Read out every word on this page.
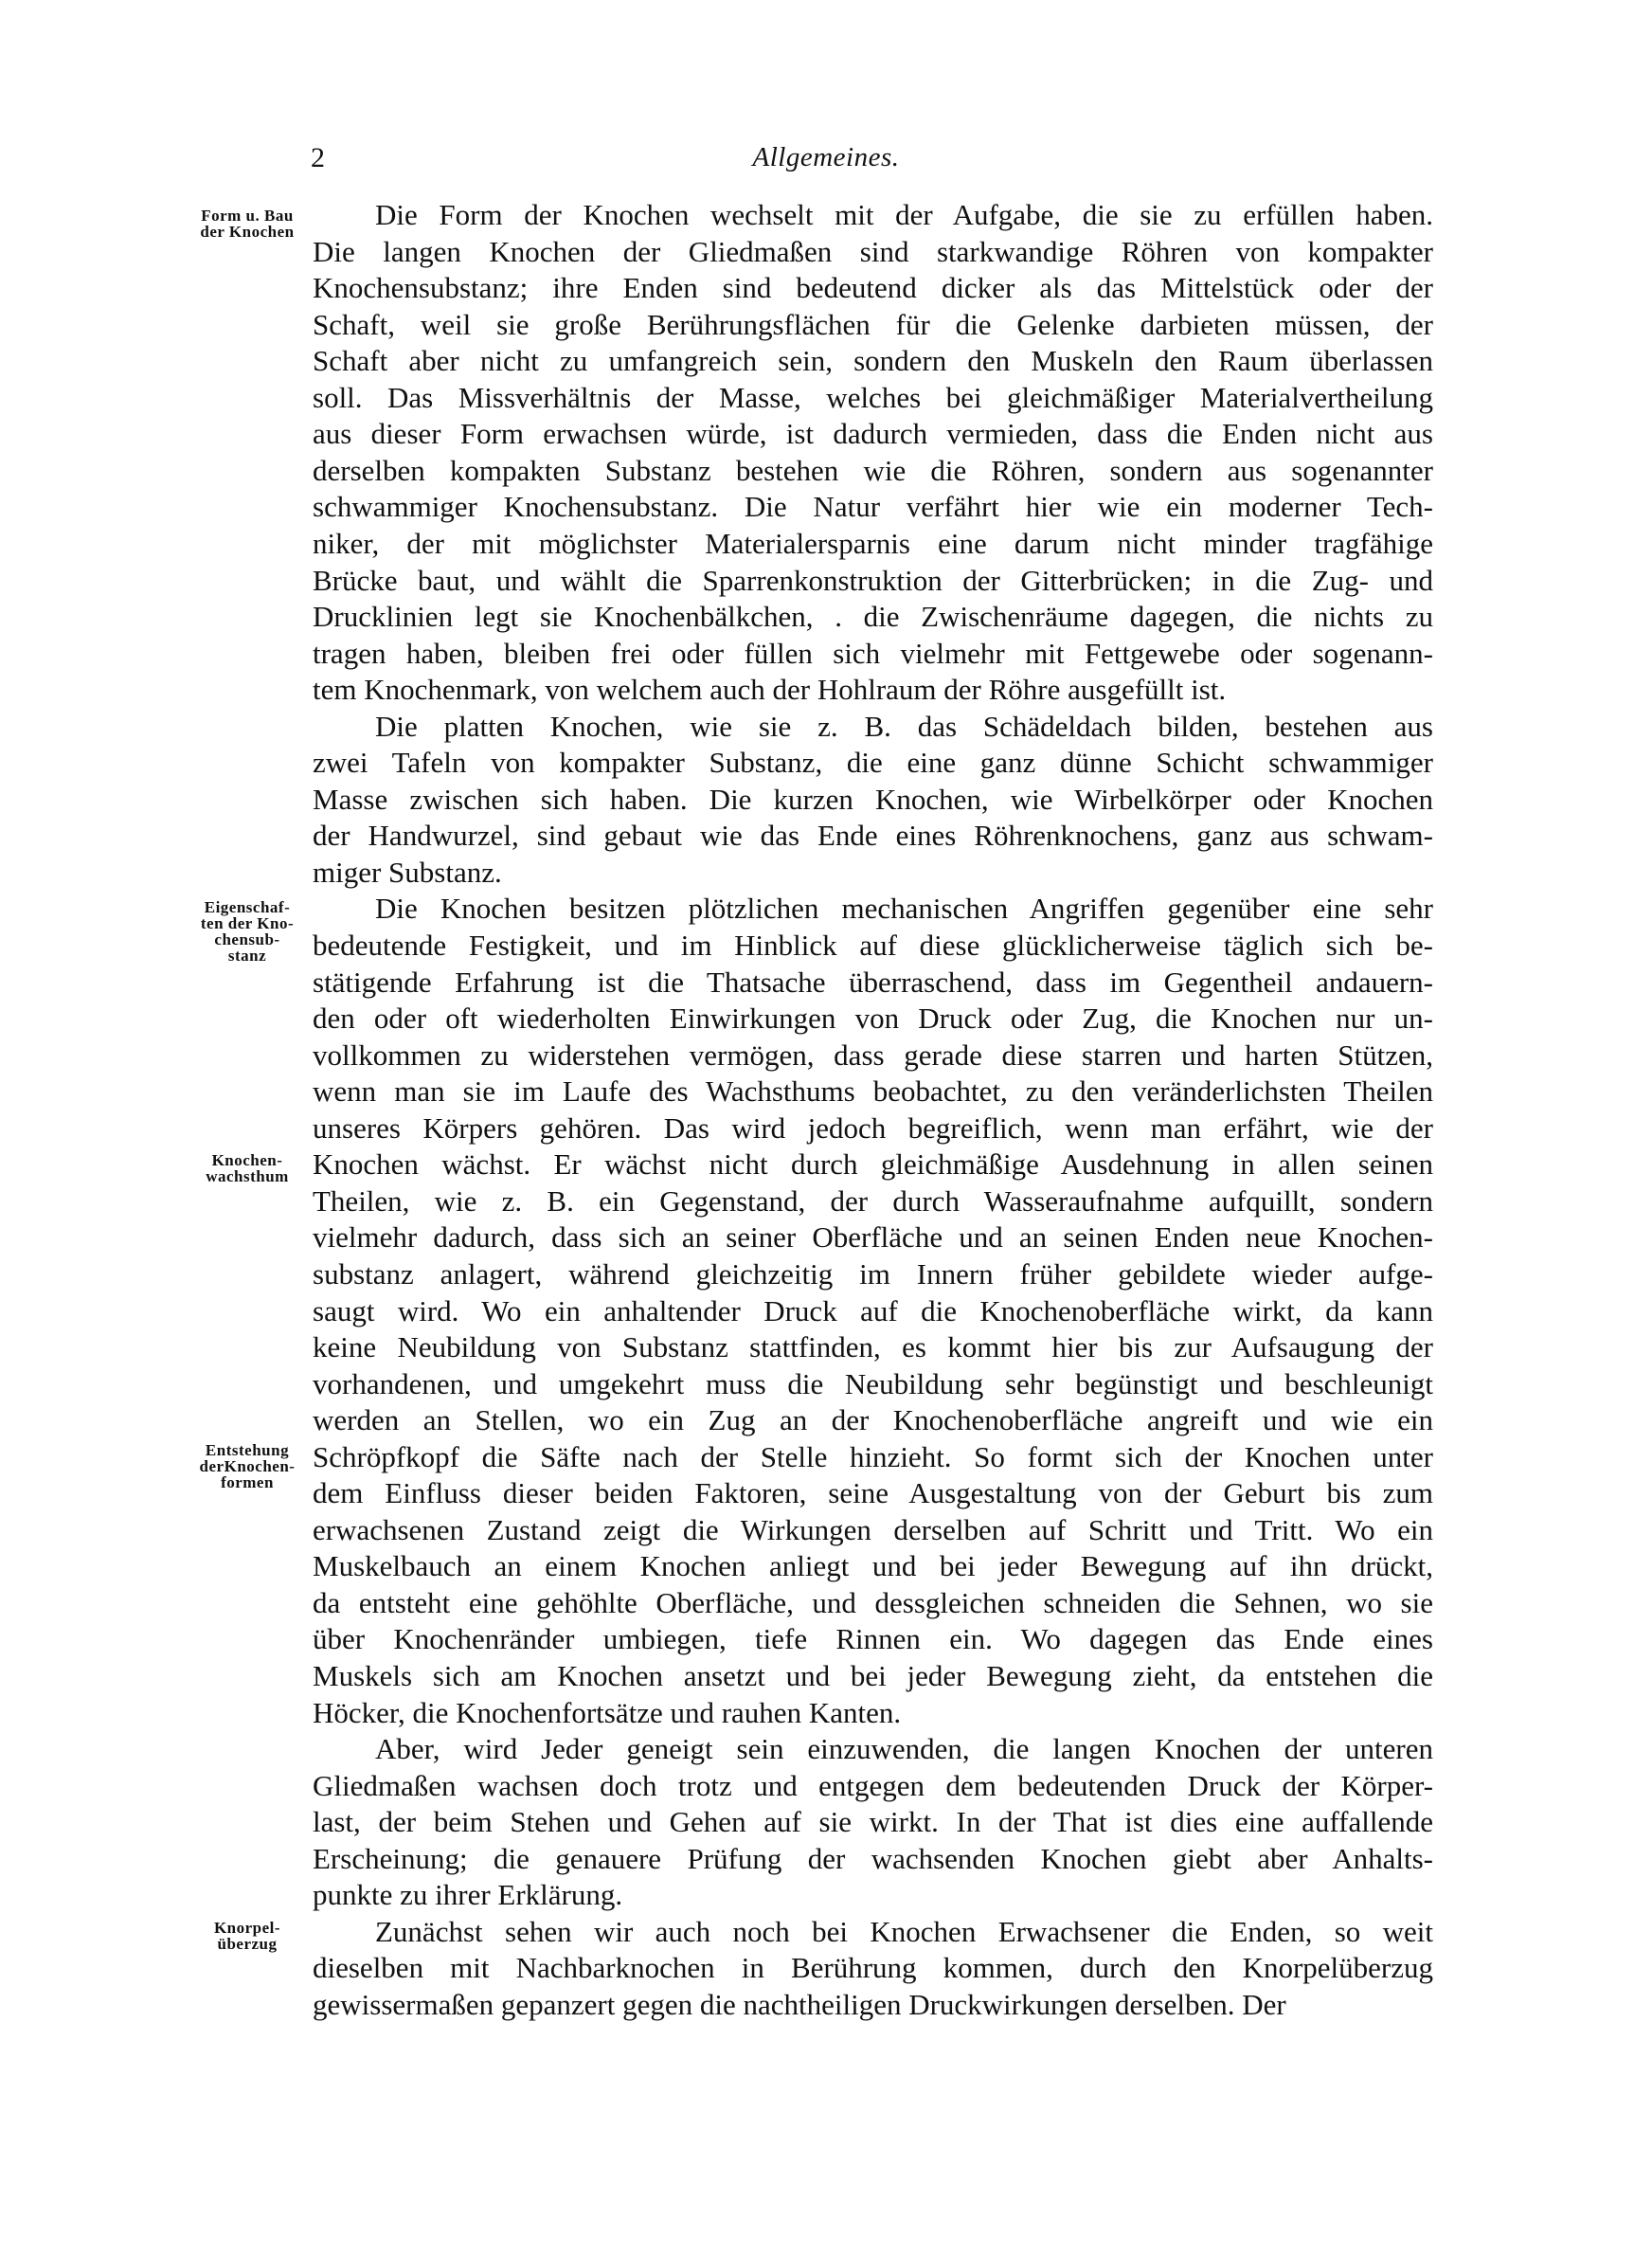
2	Allgemeines.
Form u. Bau
der Knochen
Eigenschaf-
ten der Kno-
chensub-
stanz
Knochen-
wachsthum
Entstehung
derKnochen-
formen
Knorpel-
überzug
Die Form der Knochen wechselt mit der Aufgabe, die sie zu erfüllen haben.
Die langen Knochen der Gliedmaßen sind starkwandige Röhren von kompakter
Knochensubstanz; ihre Enden sind bedeutend dicker als das Mittelstück oder der
Schaft, weil sie große Berührungsflächen für die Gelenke darbieten müssen, der
Schaft aber nicht zu umfangreich sein, sondern den Muskeln den Raum überlassen
soll. Das Missverhältnis der Masse, welches bei gleichmäßiger Materialvertheilung
aus dieser Form erwachsen würde, ist dadurch vermieden, dass die Enden nicht aus
derselben kompakten Substanz bestehen wie die Röhren, sondern aus sogenannter
schwammiger Knochensubstanz. Die Natur verfährt hier wie ein moderner Tech-
niker, der mit möglichster Materialersparnis eine darum nicht minder tragfähige
Brücke baut, und wählt die Sparrenkonstruktion der Gitterbrücken; in die Zug- und
Drucklinien legt sie Knochenbälkchen, . die Zwischenräume dagegen, die nichts zu
tragen haben, bleiben frei oder füllen sich vielmehr mit Fettgewebe oder sogenann-
tem Knochenmark, von welchem auch der Hohlraum der Röhre ausgefüllt ist.
Die platten Knochen, wie sie z. B. das Schädeldach bilden, bestehen aus
zwei Tafeln von kompakter Substanz, die eine ganz dünne Schicht schwammiger
Masse zwischen sich haben. Die kurzen Knochen, wie Wirbelkörper oder Knochen
der Handwurzel, sind gebaut wie das Ende eines Röhrenknochens, ganz aus schwam-
miger Substanz.
Die Knochen besitzen plötzlichen mechanischen Angriffen gegenüber eine sehr
bedeutende Festigkeit, und im Hinblick auf diese glücklicherweise täglich sich be-
stätigende Erfahrung ist die Thatsache überraschend, dass im Gegentheil andauern-
den oder oft wiederholten Einwirkungen von Druck oder Zug, die Knochen nur un-
vollkommen zu widerstehen vermögen, dass gerade diese starren und harten Stützen,
wenn man sie im Laufe des Wachsthums beobachtet, zu den veränderlichsten Theilen
unseres Körpers gehören. Das wird jedoch begreiflich, wenn man erfährt, wie der
Knochen wächst. Er wächst nicht durch gleichmäßige Ausdehnung in allen seinen
Theilen, wie z. B. ein Gegenstand, der durch Wasseraufnahme aufquillt, sondern
vielmehr dadurch, dass sich an seiner Oberfläche und an seinen Enden neue Knochen-
substanz anlagert, während gleichzeitig im Innern früher gebildete wieder aufge-
saugt wird. Wo ein anhaltender Druck auf die Knochenoberfläche wirkt, da kann
keine Neubildung von Substanz stattfinden, es kommt hier bis zur Aufsaugung der
vorhandenen, und umgekehrt muss die Neubildung sehr begünstigt und beschleunigt
werden an Stellen, wo ein Zug an der Knochenoberfläche angreift und wie ein
Schröpfkopf die Säfte nach der Stelle hinzieht. So formt sich der Knochen unter
dem Einfluss dieser beiden Faktoren, seine Ausgestaltung von der Geburt bis zum
erwachsenen Zustand zeigt die Wirkungen derselben auf Schritt und Tritt. Wo ein
Muskelbauch an einem Knochen anliegt und bei jeder Bewegung auf ihn drückt,
da entsteht eine gehöhlte Oberfläche, und dessgleichen schneiden die Sehnen, wo sie
über Knochenränder umbiegen, tiefe Rinnen ein. Wo dagegen das Ende eines
Muskels sich am Knochen ansetzt und bei jeder Bewegung zieht, da entstehen die
Höcker, die Knochenfortsätze und rauhen Kanten.
Aber, wird Jeder geneigt sein einzuwenden, die langen Knochen der unteren
Gliedmaßen wachsen doch trotz und entgegen dem bedeutenden Druck der Körper-
last, der beim Stehen und Gehen auf sie wirkt. In der That ist dies eine auffallende
Erscheinung; die genauere Prüfung der wachsenden Knochen giebt aber Anhalts-
punkte zu ihrer Erklärung.
Zunächst sehen wir auch noch bei Knochen Erwachsener die Enden, so weit
dieselben mit Nachbarknochen in Berührung kommen, durch den Knorpelüberzug
gewissermaßen gepanzert gegen die nachtheiligen Druckwirkungen derselben. Der
